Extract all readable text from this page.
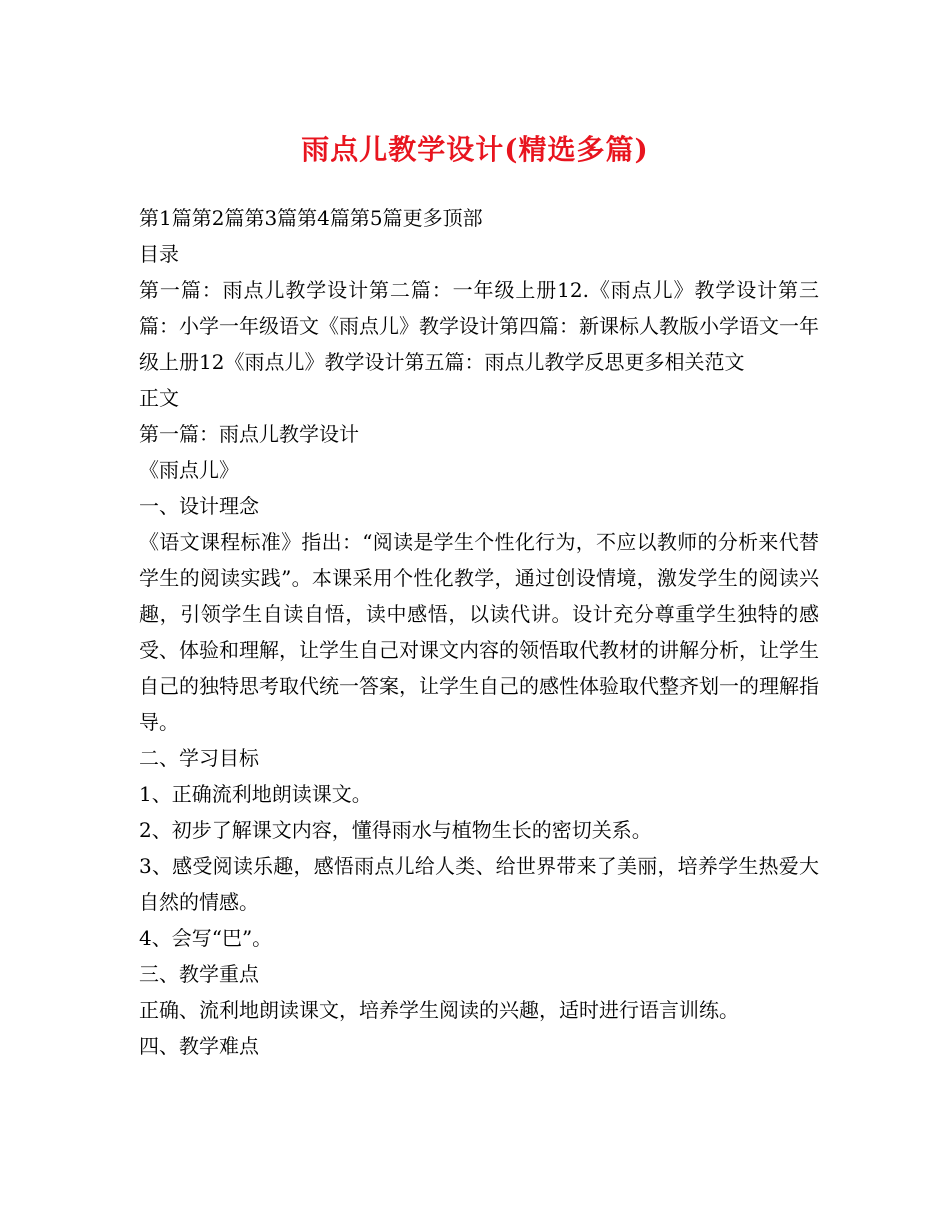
雨点儿教学设计(精选多篇)

第1篇第2篇第3篇第4篇第5篇更多顶部

目录

第一篇：雨点儿教学设计第二篇：一年级上册12.《雨点儿》教学设计第三篇：小学一年级语文《雨点儿》教学设计第四篇：新课标人教版小学语文一年级上册12《雨点儿》教学设计第五篇：雨点儿教学反思更多相关范文

正文

第一篇：雨点儿教学设计

《雨点儿》

一、设计理念

《语文课程标准》指出：“阅读是学生个性化行为，不应以教师的分析来代替学生的阅读实践”。本课采用个性化教学，通过创设情境，激发学生的阅读兴趣，引领学生自读自悟，读中感悟，以读代讲。设计充分尊重学生独特的感受、体验和理解，让学生自己对课文内容的领悟取代教材的讲解分析，让学生自己的独特思考取代统一答案，让学生自己的感性体验取代整齐划一的理解指导。

二、学习目标

1、正确流利地朗读课文。

2、初步了解课文内容，懂得雨水与植物生长的密切关系。

3、感受阅读乐趣，感悟雨点儿给人类、给世界带来了美丽，培养学生热爱大自然的情感。

4、会写“巴”。

三、教学重点

正确、流利地朗读课文，培养学生阅读的兴趣，适时进行语言训练。

四、教学难点
